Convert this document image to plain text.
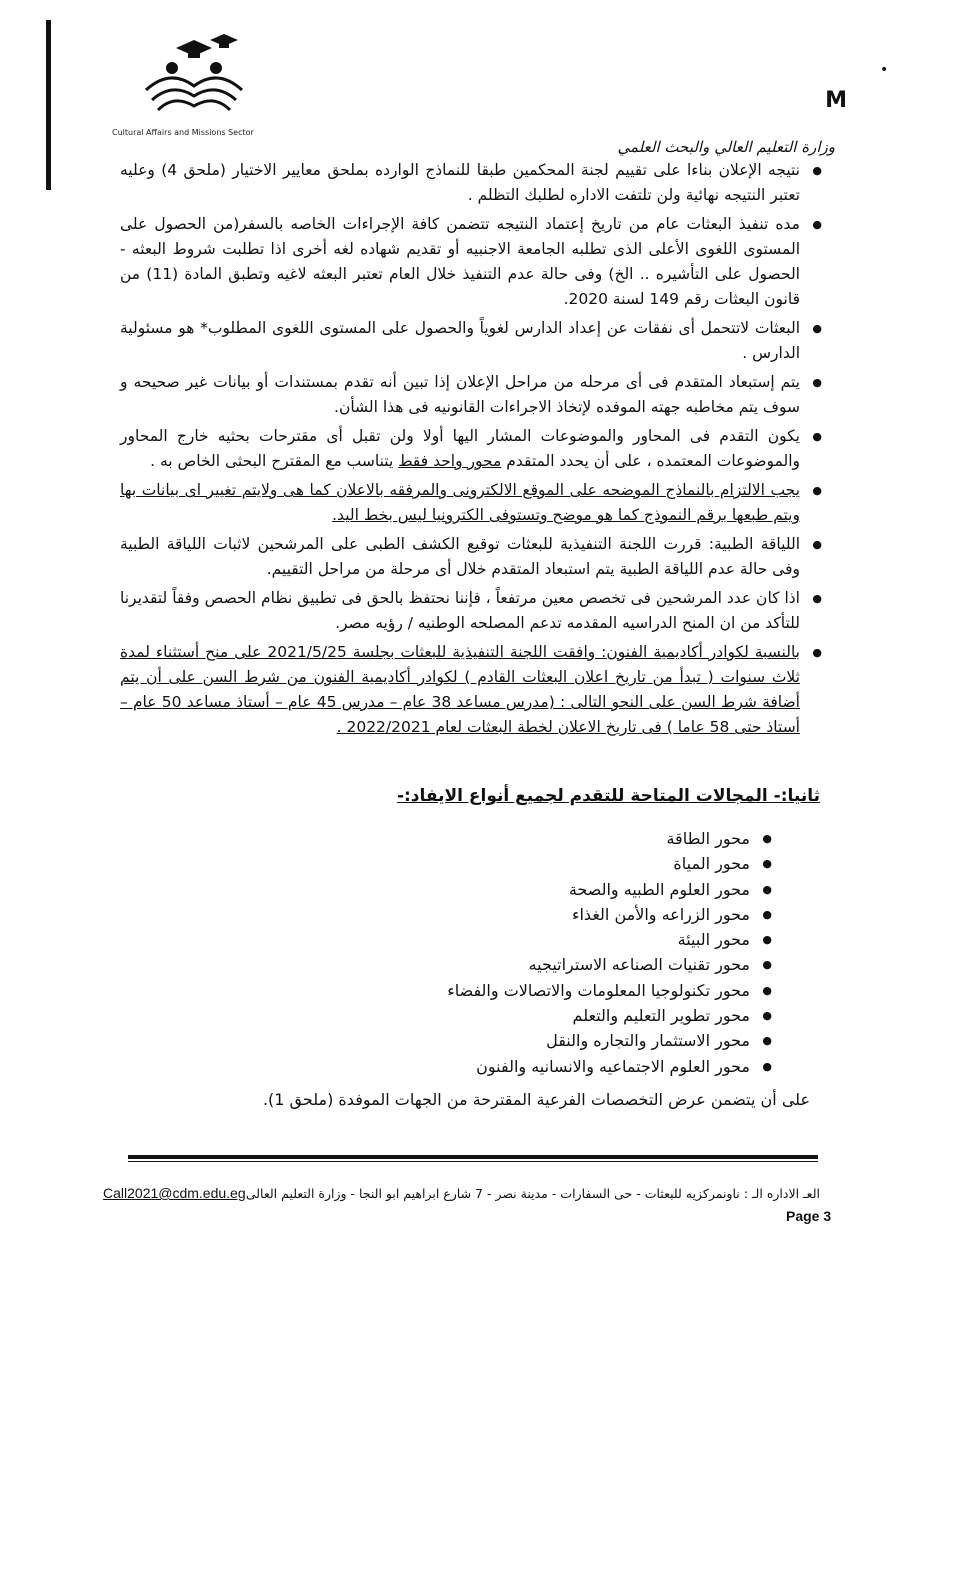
Cultural Affairs and Missions Sector
•
M
وزارة التعليم العالي والبحث العلمي
● نتيجه الإعلان بناءا على تقييم لجنة المحكمين طبقا للنماذج الوارده بملحق معايير الاختيار (ملحق 4) وعليه تعتبر النتيجه نهائية ولن تلتفت الاداره لطلبك التظلم .
● مده تنفيذ البعثات عام من تاريخ إعتماد النتيجه تتضمن كافة الإجراءات الخاصه بالسفر(من الحصول على المستوى اللغوى الأعلى الذى تطلبه الجامعة الاجنبيه أو تقديم شهاده لغه أخرى اذا تطلبت شروط البعثه - الحصول على التأشيره .. الخ) وفى حالة عدم التنفيذ خلال العام تعتبر البعثه لاغيه وتطبق المادة (11) من قانون البعثات رقم 149 لسنة 2020.
● البعثات لاتتحمل أى نفقات عن إعداد الدارس لغوياً والحصول على المستوى اللغوى المطلوب* هو مسئولية الدارس .
● يتم إستبعاد المتقدم فى أى مرحله من مراحل الإعلان إذا تبين أنه تقدم بمستندات أو بيانات غير صحيحه و سوف يتم مخاطبه جهته الموفده لإتخاذ الاجراءات القانونيه فى هذا الشأن.
● يكون التقدم فى المحاور والموضوعات المشار اليها أولا ولن تقبل أى مقترحات بحثيه خارج المحاور والموضوعات المعتمده ، على أن يحدد المتقدم محور واحد فقط يتناسب مع المقترح البحثى الخاص به .
● يجب الالتزام بالنماذج الموضحه على الموقع الالكترونى والمرفقه بالاعلان كما هى ولايتم تغيير اى بيانات بها ويتم طبعها برقم النموذج كما هو موضح وتستوفى الكترونيا ليس بخط اليد.
● اللياقة الطبية: قررت اللجنة التنفيذية للبعثات توقيع الكشف الطبى على المرشحين لاثبات اللياقة الطبية وفى حالة عدم اللياقة الطبية يتم استبعاد المتقدم خلال أى مرحلة من مراحل التقييم.
● اذا كان عدد المرشحين فى تخصص معين مرتفعاً ، فإننا نحتفظ بالحق فى تطبيق نظام الحصص وفقاً لتقديرنا للتأكد من ان المنح الدراسيه المقدمه تدعم المصلحه الوطنيه / رؤيه مصر.
● بالنسبة لكوادر أكاديمية الفنون: وافقت اللجنة التنفيذية للبعثات بجلسة 2021/5/25 على منح أستثناء لمدة ثلاث سنوات ( تبدأ من تاريخ اعلان البعثات القادم ) لكوادر أكاديمية الفنون من شرط السن على أن يتم أضافة شرط السن على النحو التالى : (مدرس مساعد 38 عام – مدرس 45 عام – أستاذ مساعد 50 عام – أستاذ حتى 58 عاما ) فى تاريخ الاعلان لخطة البعثات لعام 2022/2021 .
ثانيا:- المجالات المتاحة للتقدم لجميع أنواع الايفاد:-
● محور الطاقة
● محور المياة
● محور العلوم الطبيه والصحة
● محور الزراعه والأمن الغذاء
● محور البيئة
● محور تقنيات الصناعه الاستراتيجيه
● محور تكنولوجيا المعلومات والاتصالات والفضاء
● محور تطوير التعليم والتعلم
● محور الاستثمار والتجاره والنقل
● محور العلوم الاجتماعيه والانسانيه والفنون
على أن يتضمن عرض التخصصات الفرعية المقترحة من الجهات الموفدة (ملحق 1).
العـ الاداره الـ : ناونمركزيه للبعثات - حى السفارات - مدينة نصر - 7 شارع ابراهيم ابو النجا - وزارة التعليم العالى
Call2021@cdm.edu.eg
Page 3
